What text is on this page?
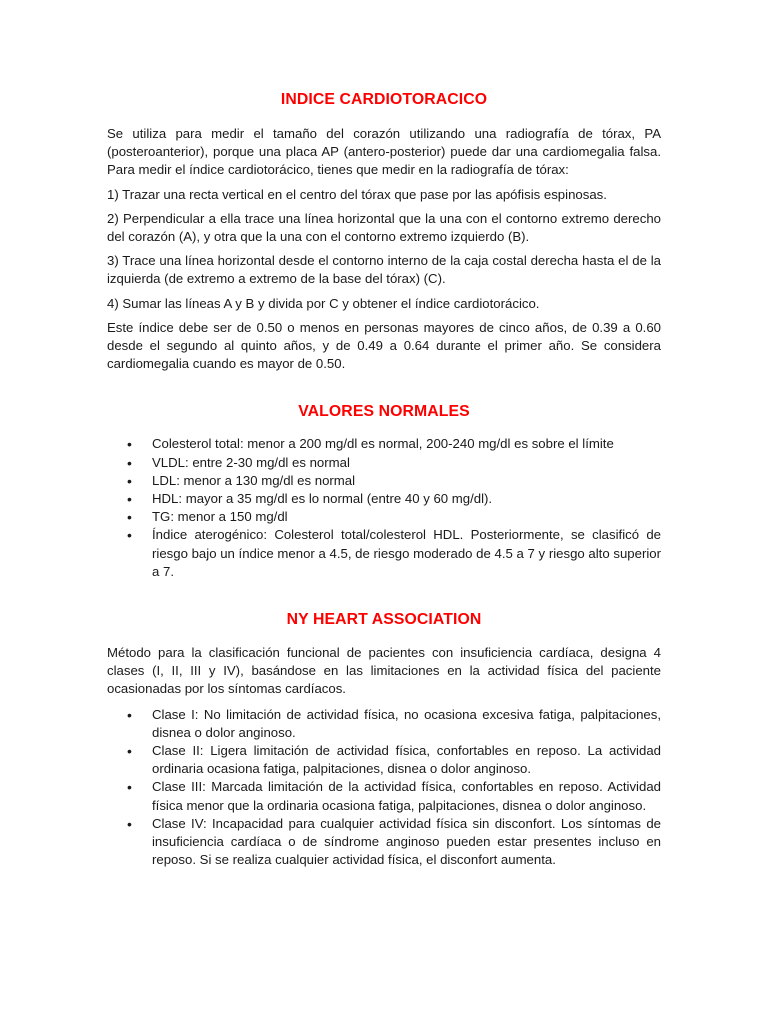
INDICE CARDIOTORACICO

Se utiliza para medir el tamaño del corazón utilizando una radiografía de tórax, PA (posteroanterior), porque una placa AP (antero-posterior) puede dar una cardiomegalia falsa. Para medir el índice cardiotorácico, tienes que medir en la radiografía de tórax:

1) Trazar una recta vertical en el centro del tórax que pase por las apófisis espinosas.

2) Perpendicular a ella trace una línea horizontal que la una con el contorno extremo derecho del corazón (A), y otra que la una con el contorno extremo izquierdo (B).

3) Trace una línea horizontal desde el contorno interno de la caja costal derecha hasta el de la izquierda (de extremo a extremo de la base del tórax) (C).

4) Sumar las líneas A y B y divida por C y obtener el índice cardiotorácico.

Este índice debe ser de 0.50 o menos en personas mayores de cinco años, de 0.39 a 0.60 desde el segundo al quinto años, y de 0.49 a 0.64 durante el primer año. Se considera cardiomegalia cuando es mayor de 0.50.

VALORES NORMALES
• Colesterol total: menor a 200 mg/dl es normal, 200-240 mg/dl es sobre el límite
• VLDL: entre 2-30 mg/dl es normal
• LDL: menor a 130 mg/dl es normal
• HDL: mayor a 35 mg/dl es lo normal (entre 40 y 60 mg/dl).
• TG: menor a 150 mg/dl
• Índice aterogénico: Colesterol total/colesterol HDL. Posteriormente, se clasificó de riesgo bajo un índice menor a 4.5, de riesgo moderado de 4.5 a 7 y riesgo alto superior a 7.
NY HEART ASSOCIATION

Método para la clasificación funcional de pacientes con insuficiencia cardíaca, designa 4 clases (I, II, III y IV), basándose en las limitaciones en la actividad física del paciente ocasionadas por los síntomas cardíacos.

• Clase I: No limitación de actividad física, no ocasiona excesiva fatiga, palpitaciones, disnea o dolor anginoso.
• Clase II: Ligera limitación de actividad física, confortables en reposo. La actividad ordinaria ocasiona fatiga, palpitaciones, disnea o dolor anginoso.
• Clase III: Marcada limitación de la actividad física, confortables en reposo. Actividad física menor que la ordinaria ocasiona fatiga, palpitaciones, disnea o dolor anginoso.
• Clase IV: Incapacidad para cualquier actividad física sin disconfort. Los síntomas de insuficiencia cardíaca o de síndrome anginoso pueden estar presentes incluso en reposo. Si se realiza cualquier actividad física, el disconfort aumenta.
